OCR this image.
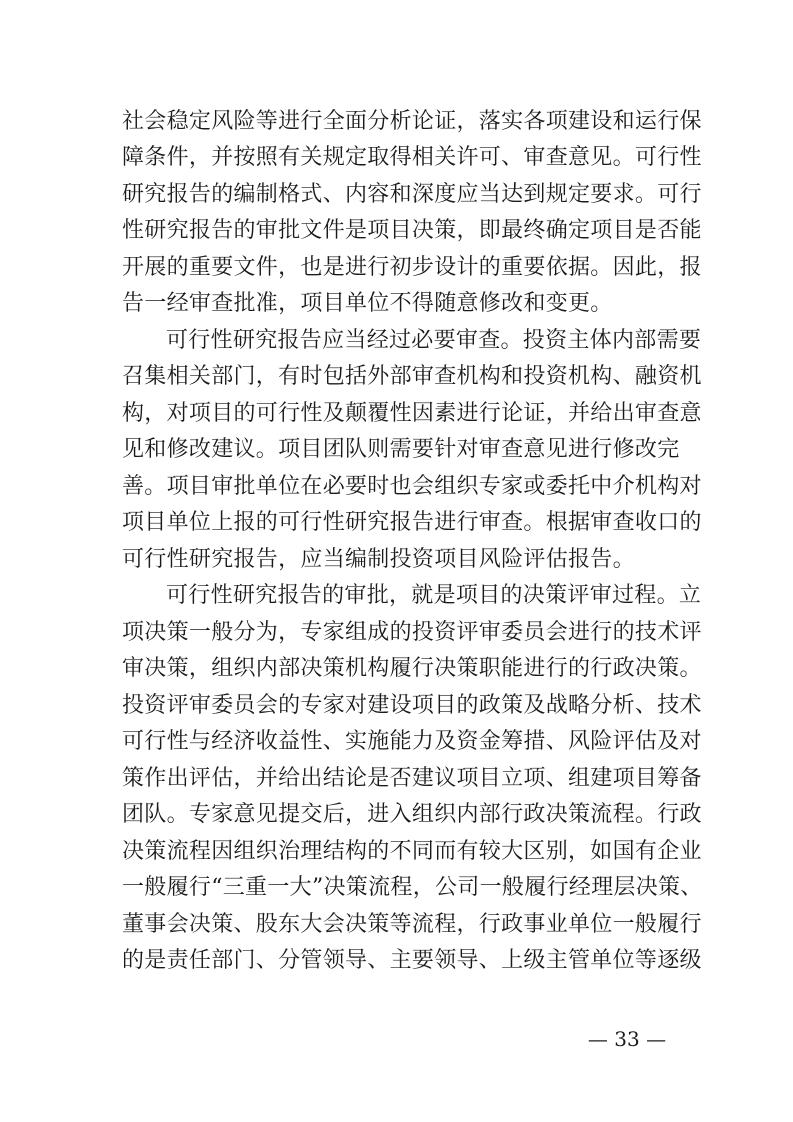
社会稳定风险等进行全面分析论证，落实各项建设和运行保
障条件，并按照有关规定取得相关许可、审查意见。可行性
研究报告的编制格式、内容和深度应当达到规定要求。可行
性研究报告的审批文件是项目决策，即最终确定项目是否能
开展的重要文件，也是进行初步设计的重要依据。因此，报
告一经审查批准，项目单位不得随意修改和变更。
可行性研究报告应当经过必要审查。投资主体内部需要
召集相关部门，有时包括外部审查机构和投资机构、融资机
构，对项目的可行性及颠覆性因素进行论证，并给出审查意
见和修改建议。项目团队则需要针对审查意见进行修改完
善。项目审批单位在必要时也会组织专家或委托中介机构对
项目单位上报的可行性研究报告进行审查。根据审查收口的
可行性研究报告，应当编制投资项目风险评估报告。
可行性研究报告的审批，就是项目的决策评审过程。立
项决策一般分为，专家组成的投资评审委员会进行的技术评
审决策，组织内部决策机构履行决策职能进行的行政决策。
投资评审委员会的专家对建设项目的政策及战略分析、技术
可行性与经济收益性、实施能力及资金筹措、风险评估及对
策作出评估，并给出结论是否建议项目立项、组建项目筹备
团队。专家意见提交后，进入组织内部行政决策流程。行政
决策流程因组织治理结构的不同而有较大区别，如国有企业
一般履行“三重一大”决策流程，公司一般履行经理层决策、
董事会决策、股东大会决策等流程，行政事业单位一般履行
的是责任部门、分管领导、主要领导、上级主管单位等逐级
— 33 —
